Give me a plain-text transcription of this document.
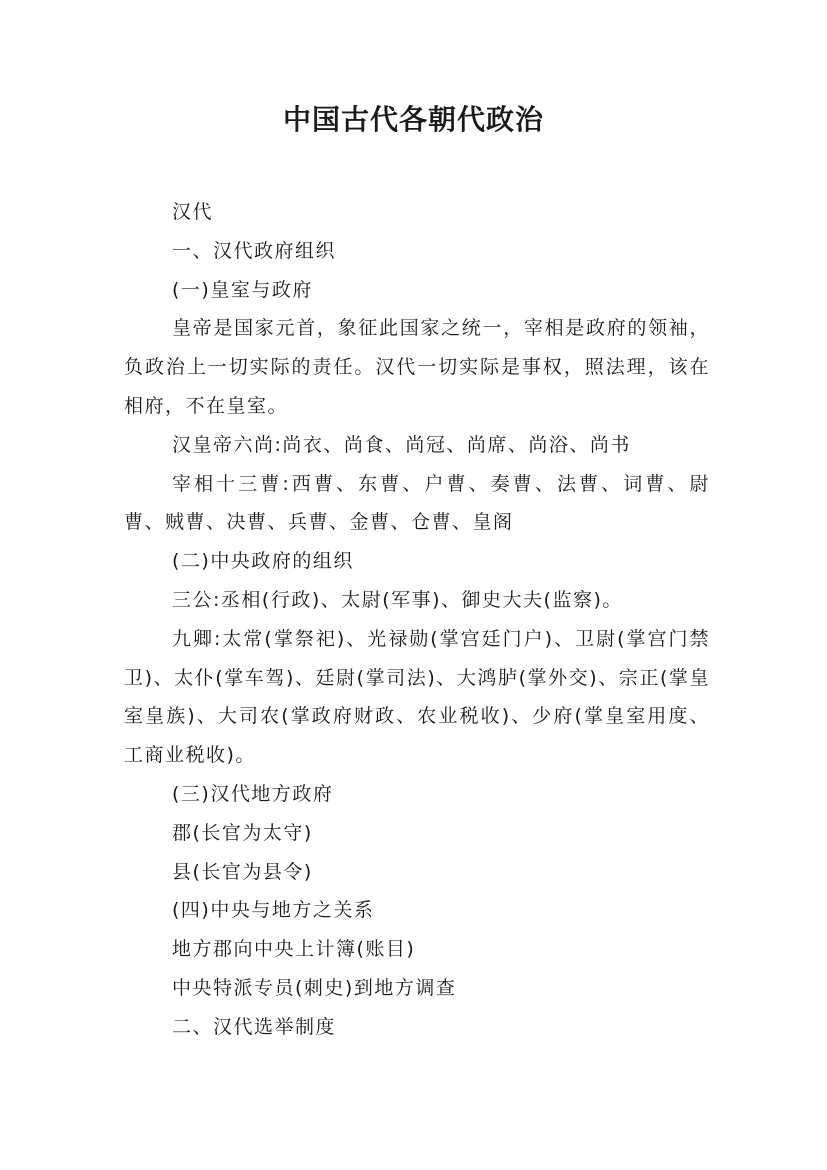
中国古代各朝代政治

汉代

一、汉代政府组织

(一)皇室与政府

皇帝是国家元首，象征此国家之统一，宰相是政府的领袖，负政治上一切实际的责任。汉代一切实际是事权，照法理，该在相府，不在皇室。

汉皇帝六尚:尚衣、尚食、尚冠、尚席、尚浴、尚书

宰相十三曹:西曹、东曹、户曹、奏曹、法曹、词曹、尉曹、贼曹、决曹、兵曹、金曹、仓曹、皇阁

(二)中央政府的组织

三公:丞相(行政)、太尉(军事)、御史大夫(监察)。

九卿:太常(掌祭祀)、光禄勋(掌宫廷门户)、卫尉(掌宫门禁卫)、太仆(掌车驾)、廷尉(掌司法)、大鸿胪(掌外交)、宗正(掌皇室皇族)、大司农(掌政府财政、农业税收)、少府(掌皇室用度、工商业税收)。

(三)汉代地方政府

郡(长官为太守)

县(长官为县令)

(四)中央与地方之关系

地方郡向中央上计簿(账目)

中央特派专员(刺史)到地方调查

二、汉代选举制度
